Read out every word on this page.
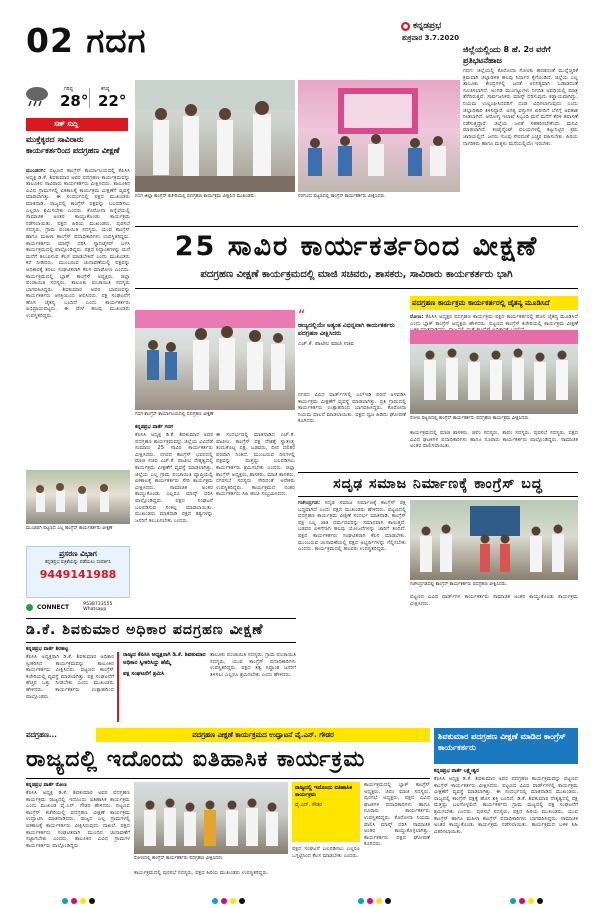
02 ಗದಗ	● ಕನ್ನಡಪ್ರಭ
ಶುಕ್ರವಾರ 3.7.2020
ಗರಿಷ್ಠ
28°
ಕನಿಷ್ಠ
22°
ಸಣ್ ಸುದ್ದಿ
ಮುಕ್ತೆಕೃರದ ಸಾವಿರಾರು ಕಾರ್ಯಕರ್ತರಿಂದ ಪದಗ್ರಹಣ ವೀಕ್ಷಣೆ
ಮುಂಡರಗಿ: ಪಟ್ಟಣದ ಕಾಂಗ್ರೆಸ್ ಕಾರ್ಯಾಲಯದಲ್ಲಿ ಕೆಪಿಸಿಸಿ ಅಧ್ಯಕ್ಷ ಡಿ.ಕೆ. ಶಿವಕುಮಾರ ಅವರ ಪದಗ್ರಹಣ ಕಾರ್ಯಕ್ರಮವನ್ನು ತಾಲೂಕಿನ ಸಾವಿರಾರು ಕಾರ್ಯಕರ್ತರು ವೀಕ್ಷಿಸಿದರು. ತಾಲೂಕಿನ ವಿವಿಧ ಗ್ರಾಮಗಳಲ್ಲಿ ಏಕಕಾಲಕ್ಕೆ ಕಾರ್ಯಕ್ರಮ ವೀಕ್ಷಣೆಗೆ ವ್ಯವಸ್ಥೆ ಮಾಡಲಾಗಿತ್ತು. ಈ ಸಂದರ್ಭದಲ್ಲಿ ಪಕ್ಷದ ಮುಖಂಡರು ಮಾತನಾಡಿ, ರಾಜ್ಯದಲ್ಲಿ ಕಾಂಗ್ರೆಸ್ ಪಕ್ಷವನ್ನು ಬಲಪಡಿಸಲು ಎಲ್ಲರೂ ಶ್ರಮಿಸಬೇಕು ಎಂದರು. ಕೊರೋನಾ ಹಿನ್ನೆಲೆಯಲ್ಲಿ ಸಾಮಾಜಿಕ ಅಂತರ ಕಾಯ್ದುಕೊಂಡು ಕಾರ್ಯಕ್ರಮ ನಡೆಸಲಾಯಿತು. ಪಕ್ಷದ ಹಿರಿಯ ಮುಖಂಡರು, ಪುರಸಭೆ ಸದಸ್ಯರು, ಗ್ರಾಮ ಪಂಚಾಯಿತಿ ಸದಸ್ಯರು, ಯುವ ಕಾಂಗ್ರೆಸ್ ಹಾಗೂ ಮಹಿಳಾ ಕಾಂಗ್ರೆಸ್ ಪದಾಧಿಕಾರಿಗಳು ಉಪಸ್ಥಿತರಿದ್ದರು. ಕಾರ್ಯಕರ್ತರು ಮಾಸ್ಕ್ ಧರಿಸಿ ಸ್ಯಾನಿಟೈಸರ್ ಬಳಸಿ ಕಾರ್ಯಕ್ರಮದಲ್ಲಿ ಪಾಲ್ಗೊಂಡಿದ್ದರು. ಪಕ್ಷದ ಸಿದ್ಧಾಂತಗಳನ್ನು ಮನೆ ಮನೆಗೆ ತಲುಪಿಸುವ ಕೆಲಸ ಮಾಡಬೇಕಿದೆ ಎಂದು ಮುಖಂಡರು ಕರೆ ನೀಡಿದರು. ಮುಂಬರುವ ಚುನಾವಣೆಯಲ್ಲಿ ಪಕ್ಷವನ್ನು ಅಧಿಕಾರಕ್ಕೆ ತರಲು ಸಂಘಟಿತರಾಗಿ ಕೆಲಸ ಮಾಡೋಣ ಎಂದರು. ಕಾರ್ಯಕ್ರಮದಲ್ಲಿ ಬ್ಲಾಕ್ ಕಾಂಗ್ರೆಸ್ ಅಧ್ಯಕ್ಷರು, ಜಿಲ್ಲಾ ಪಂಚಾಯಿತಿ ಸದಸ್ಯರು, ತಾಲೂಕು ಪಂಚಾಯಿತಿ ಸದಸ್ಯರು ಭಾಗವಹಿಸಿದ್ದರು. ಶಿವಕುಮಾರ ಅವರ ಭಾಷಣವನ್ನು ಕಾರ್ಯಕರ್ತರು ಆಸಕ್ತಿಯಿಂದ ಆಲಿಸಿದರು. ಪಕ್ಷ ಸಂಘಟನೆಗೆ ಹೊಸ ಚೈತನ್ಯ ಬಂದಿದೆ ಎಂದು ಕಾರ್ಯಕರ್ತರು ಅಭಿಪ್ರಾಯಪಟ್ಟರು. ಈ ವೇಳೆ ಹಲವು ಮುಖಂಡರು ಉಪಸ್ಥಿತರಿದ್ದರು.
ಮುಂಡರಗಿ ಪಟ್ಟಣದ ಎಲ್ಲ ಕಾಂಗ್ರೆಸ್ ಕಾರ್ಯಕರ್ತರು ವೀಕ್ಷಣೆ
ಪ್ರಸರಣ ವಿಭಾಗ
ಕನ್ನಡಪ್ರಭ ಪತ್ರಿಕೆಯನ್ನು ಪಡೆಯಲು ಸಂಪರ್ಕಿಸಿ
9449141988
CONNECT	9538733555
Whatsapp
ಗದಗ ಜಿಲ್ಲಾ ಕಾಂಗ್ರೆಸ್ ಕಚೇರಿಯಲ್ಲಿ ಪದಗ್ರಹಣ ಕಾರ್ಯಕ್ರಮ ವೀಕ್ಷಿಸಿದ ಮುಖಂಡರು.	ನರಗುಂದ ಪಟ್ಟಣದಲ್ಲಿ ಕಾಂಗ್ರೆಸ್ ಕಾರ್ಯಕರ್ತರು ವೀಕ್ಷಿಸಿದರು.
ಜಿಲ್ಲೆಯಲ್ಲಿಂದು 8 ಹೆ. 2ರ ವರೆಗೆ ಪ್ರತಿಭಟನೆಹಾಜ
ಗದಗ: ಜಿಲ್ಲೆಯಲ್ಲಿ ಕೊರೋನಾ ಸೋಂಕು ಹರಡದಂತೆ ಮುನ್ನೆಚ್ಚರಿಕೆ ಕ್ರಮವಾಗಿ ಜಿಲ್ಲಾಡಳಿತ ಹಲವು ನಿರ್ಧಾರ ಕೈಗೊಂಡಿದೆ. ಜಿಲ್ಲೆಯ ಎಲ್ಲ ತಾಲೂಕು ಕೇಂದ್ರಗಳಲ್ಲಿ ಜನತೆ ಅನಗತ್ಯವಾಗಿ ಓಡಾಡದಂತೆ ಸೂಚಿಸಲಾಗಿದೆ. ಅಂಗಡಿ ಮುಂಗಟ್ಟುಗಳು ನಿಗದಿತ ಅವಧಿಯಲ್ಲಿ ಮಾತ್ರ ತೆರೆದಿರುತ್ತವೆ. ಸಾರ್ವಜನಿಕರು ಮಾಸ್ಕ್ ಧರಿಸುವುದು ಕಡ್ಡಾಯವಾಗಿದ್ದು, ನಿಯಮ ಉಲ್ಲಂಘಿಸಿದವರಿಗೆ ದಂಡ ವಿಧಿಸಲಾಗುವುದು ಎಂದು ಜಿಲ್ಲಾಧಿಕಾರಿ ತಿಳಿಸಿದ್ದಾರೆ. ಅಗತ್ಯ ವಸ್ತುಗಳ ಖರೀದಿಗೆ ಬೆಳಗ್ಗೆ ಅವಕಾಶ ನೀಡಲಾಗಿದೆ. ಆರೋಗ್ಯ ಇಲಾಖೆ ಸಿಬ್ಬಂದಿ ಮನೆ ಮನೆಗೆ ತೆರಳಿ ತಪಾಸಣೆ ನಡೆಸುತ್ತಿದ್ದಾರೆ. ಜಿಲ್ಲೆಯ ಜನತೆ ಸಹಕರಿಸಬೇಕೆಂದು ಮನವಿ ಮಾಡಲಾಗಿದೆ. ಕಂಟೈನ್ಮೆಂಟ್ ವಲಯಗಳಲ್ಲಿ ಕಟ್ಟುನಿಟ್ಟಿನ ಕ್ರಮ ಜಾರಿಯಲ್ಲಿದೆ. ಜನರು ಗುಂಪು ಸೇರದಂತೆ ಎಚ್ಚರ ವಹಿಸಬೇಕು. ಹಿರಿಯ ನಾಗರಿಕರು ಹಾಗೂ ಮಕ್ಕಳು ಮನೆಯಲ್ಲಿಯೇ ಇರಬೇಕು.
25 ಸಾವಿರ ಕಾರ್ಯಕರ್ತರಿಂದ ವೀಕ್ಷಣೆ
ಪದಗ್ರಹಣ ವೀಕ್ಷಣೆ ಕಾರ್ಯಕ್ರಮದಲ್ಲಿ ಮಾಜಿ ಸಚಿವರು, ಶಾಸಕರು, ಸಾವಿರಾರು ಕಾರ್ಯಕರ್ತರು ಭಾಗಿ
ಗದಗ ಕಾಂಗ್ರೆಸ್ ಕಾರ್ಯಾಲಯದಲ್ಲಿ ಪದಗ್ರಹಣ ವೀಕ್ಷಣೆ
ಕನ್ನಡಪ್ರಭ ವಾರ್ತೆ ಗದಗ
ಕೆಪಿಸಿಸಿ ಅಧ್ಯಕ್ಷ ಡಿ.ಕೆ. ಶಿವಕುಮಾರ ಅವರ ಪದಗ್ರಹಣ ಕಾರ್ಯಕ್ರಮವನ್ನು ಜಿಲ್ಲೆಯ ವಿವಿಧೆಡೆ ಸುಮಾರು 25 ಸಾವಿರ ಕಾರ್ಯಕರ್ತರು ವೀಕ್ಷಿಸಿದರು. ನಗರದ ಕಾಂಗ್ರೆಸ್ ಭವನದಲ್ಲಿ ಮಾಜಿ ಸಚಿವ ಎಚ್.ಕೆ. ಪಾಟೀಲ ನೇತೃತ್ವದಲ್ಲಿ ಕಾರ್ಯಕ್ರಮ ವೀಕ್ಷಣೆಗೆ ವ್ಯವಸ್ಥೆ ಮಾಡಲಾಗಿತ್ತು. ಜಿಲ್ಲೆಯ ಎಲ್ಲ ಗ್ರಾಮ ಪಂಚಾಯಿತಿ ವ್ಯಾಪ್ತಿಯಲ್ಲಿ ಏಕಕಾಲಕ್ಕೆ ಕಾರ್ಯಕರ್ತರು ಸೇರಿ ಕಾರ್ಯಕ್ರಮ ವೀಕ್ಷಿಸಿದರು. ಸಾಮಾಜಿಕ ಅಂತರ ಕಾಯ್ದುಕೊಂಡು ಎಲ್ಲರೂ ಮಾಸ್ಕ್ ಧರಿಸಿ ಪಾಲ್ಗೊಂಡಿದ್ದರು. ಪಕ್ಷದ ಸಂಘಟನೆ ಬಲಪಡಿಸುವ ಸಂಕಲ್ಪ ಮಾಡಲಾಯಿತು. ಮುಖಂಡರು ಮಾತನಾಡಿ ಪಕ್ಷದ ತತ್ವಗಳನ್ನು ಜನರಿಗೆ ತಲುಪಿಸಬೇಕು ಎಂದರು.
ಈ ಸಂದರ್ಭದಲ್ಲಿ ಮಾತನಾಡಿದ ಎಚ್.ಕೆ. ಪಾಟೀಲ, ಕಾಂಗ್ರೆಸ್ ಪಕ್ಷ ದೇಶಕ್ಕೆ ಸ್ವಾತಂತ್ರ್ಯ ತಂದುಕೊಟ್ಟ ಪಕ್ಷ. ಬಡವರು, ದೀನ ದಲಿತರ ಪರವಾಗಿ ನಿಂತಿದೆ. ಮುಂಬರುವ ದಿನಗಳಲ್ಲಿ ಪಕ್ಷವನ್ನು ಮತ್ತಷ್ಟು ಬಲಪಡಿಸಲು ಕಾರ್ಯಕರ್ತರು ಶ್ರಮಿಸಬೇಕು ಎಂದರು. ಜಿಲ್ಲಾ ಕಾಂಗ್ರೆಸ್ ಅಧ್ಯಕ್ಷರು, ಶಾಸಕರು, ಮಾಜಿ ಶಾಸಕರು, ನಗರಸಭೆ ಸದಸ್ಯರು ಸೇರಿದಂತೆ ಅನೇಕರು ಉಪಸ್ಥಿತರಿದ್ದರು. ಕಾರ್ಯಕ್ರಮದ ನಂತರ ಕಾರ್ಯಕರ್ತರು ಸಿಹಿ ಹಂಚಿ ಸಂಭ್ರಮಿಸಿದರು.
“
ರಾಜ್ಯದಲ್ಲಿಯೇ ಅತ್ಯಂತ ವಿಭಿನ್ನವಾಗಿ ಕಾರ್ಯಕರ್ತರು ಪದಗ್ರಹಣ ವೀಕ್ಷಿಸಿದರು
ಎಚ್.ಕೆ. ಪಾಟೀಲ ಮಾಜಿ ಸಚಿವ
ನಗರದ ವಿವಿಧ ವಾರ್ಡ್‌ಗಳಲ್ಲಿ ಎಲ್‌ಇಡಿ ಪರದೆ ಅಳವಡಿಸಿ ಕಾರ್ಯಕ್ರಮ ವೀಕ್ಷಣೆಗೆ ವ್ಯವಸ್ಥೆ ಮಾಡಲಾಗಿತ್ತು. ಪ್ರತಿ ಗ್ರಾಮದಲ್ಲಿ ಕಾರ್ಯಕರ್ತರು ಉತ್ಸಾಹದಿಂದ ಭಾಗವಹಿಸಿದ್ದರು. ಕೊರೋನಾ ನಿಯಮ ಪಾಲನೆ ಮಾಡಲಾಯಿತು. ಪಕ್ಷದ ಧ್ವಜ ಹಿಡಿದು ಘೋಷಣೆ ಕೂಗಿದರು.
ಪದಗ್ರಹಣ ಕಾರ್ಯಕ್ರಮ ಕಾರ್ಯಕರ್ತರಲ್ಲಿ ಚೈತನ್ಯ ಮೂಡಿಸಿದೆ
ರೋಣ: ಕೆಪಿಸಿಸಿ ಅಧ್ಯಕ್ಷರ ಪದಗ್ರಹಣ ಕಾರ್ಯಕ್ರಮ ಪಕ್ಷದ ಕಾರ್ಯಕರ್ತರಲ್ಲಿ ಹೊಸ ಚೈತನ್ಯ ಮೂಡಿಸಿದೆ ಎಂದು ಬ್ಲಾಕ್ ಕಾಂಗ್ರೆಸ್ ಅಧ್ಯಕ್ಷರು ಹೇಳಿದರು. ಪಟ್ಟಣದ ಕಾಂಗ್ರೆಸ್ ಕಚೇರಿಯಲ್ಲಿ ಕಾರ್ಯಕ್ರಮ ವೀಕ್ಷಣೆ
ರೋಣ ಪಟ್ಟಣದಲ್ಲಿ ಕಾಂಗ್ರೆಸ್ ಕಾರ್ಯಕರ್ತರು ಪದಗ್ರಹಣ ಕಾರ್ಯಕ್ರಮ ವೀಕ್ಷಿಸಿದರು.
ಕಾರ್ಯಕ್ರಮದಲ್ಲಿ ಮಾಜಿ ಶಾಸಕರು, ಜಿಪಂ ಸದಸ್ಯರು, ತಾಪಂ ಸದಸ್ಯರು, ಪುರಸಭೆ ಸದಸ್ಯರು, ಪಕ್ಷದ ವಿವಿಧ ಘಟಕಗಳ ಪದಾಧಿಕಾರಿಗಳು ಹಾಗೂ ನೂರಾರು ಕಾರ್ಯಕರ್ತರು ಪಾಲ್ಗೊಂಡಿದ್ದರು. ಸಾಮಾಜಿಕ ಅಂತರ ಪಾಲಿಸಲಾಯಿತು.
ಸದೃಢ ಸಮಾಜ ನಿರ್ಮಾಣಕ್ಕೆ ಕಾಂಗ್ರೆಸ್ ಬದ್ಧ
ಗಜೇಂದ್ರಗಡ: ಸದೃಢ ಸಮಾಜ ನಿರ್ಮಾಣಕ್ಕೆ ಕಾಂಗ್ರೆಸ್ ಪಕ್ಷ ಬದ್ಧವಾಗಿದೆ ಎಂದು ಪಕ್ಷದ ಮುಖಂಡರು ಹೇಳಿದರು. ಪಟ್ಟಣದಲ್ಲಿ ಪದಗ್ರಹಣ ಕಾರ್ಯಕ್ರಮ ವೀಕ್ಷಣೆ ಸಂದರ್ಭ ಮಾತನಾಡಿ, ಕಾಂಗ್ರೆಸ್ ಪಕ್ಷ ಎಲ್ಲ ಜಾತಿ ಧರ್ಮದವರನ್ನು ಸಮಾನವಾಗಿ ಕಾಣುತ್ತದೆ. ಬಡವರ ಏಳಿಗೆಗಾಗಿ ಹಲವು ಯೋಜನೆಗಳನ್ನು ಜಾರಿಗೆ ತಂದಿದೆ. ಪಕ್ಷದ ಕಾರ್ಯಕರ್ತರು ಸಂಘಟಿತರಾಗಿ ಕೆಲಸ ಮಾಡಬೇಕು. ಮುಂಬರುವ ಚುನಾವಣೆಯಲ್ಲಿ ಪಕ್ಷದ ಅಭ್ಯರ್ಥಿಗಳನ್ನು ಗೆಲ್ಲಿಸಬೇಕು ಎಂದರು. ಕಾರ್ಯಕ್ರಮದಲ್ಲಿ ಹಲವರು ಉಪಸ್ಥಿತರಿದ್ದರು.
ಗಜೇಂದ್ರಗಡದಲ್ಲಿ ಕಾಂಗ್ರೆಸ್ ಕಾರ್ಯಕರ್ತರು ಪದಗ್ರಹಣ ವೀಕ್ಷಿಸಿದರು.
ಪಟ್ಟಣದ ವಿವಿಧ ವಾರ್ಡ್‌ಗಳ ಕಾರ್ಯಕರ್ತರು ಸಾಮಾಜಿಕ ಅಂತರ ಕಾಯ್ದುಕೊಂಡು ಕಾರ್ಯಕ್ರಮ ವೀಕ್ಷಿಸಿದರು.
ಡಿ.ಕೆ. ಶಿವಕುಮಾರ ಅಧಿಕಾರ ಪದಗ್ರಹಣ ವೀಕ್ಷಣೆ
ಕನ್ನಡಪ್ರಭ ವಾರ್ತೆ ಶಿರಹಟ್ಟಿ
ಕೆಪಿಸಿಸಿ ಅಧ್ಯಕ್ಷರಾಗಿ ಡಿ.ಕೆ. ಶಿವಕುಮಾರ ಅಧಿಕಾರ ಸ್ವೀಕರಿಸಿದ ಕಾರ್ಯಕ್ರಮವನ್ನು ತಾಲೂಕಿನ ಕಾರ್ಯಕರ್ತರು ವೀಕ್ಷಿಸಿದರು. ಪಟ್ಟಣದ ಕಾಂಗ್ರೆಸ್ ಕಚೇರಿಯಲ್ಲಿ ವ್ಯವಸ್ಥೆ ಮಾಡಲಾಗಿತ್ತು. ಪಕ್ಷ ಸಂಘಟನೆಗೆ ಹೆಚ್ಚಿನ ಒತ್ತು ನೀಡಬೇಕು ಎಂದು ಮುಖಂಡರು ಹೇಳಿದರು. ಕಾರ್ಯಕರ್ತರು ಉತ್ಸಾಹದಿಂದ ಪಾಲ್ಗೊಂಡರು.
ರಾಜ್ಯದ ಕೆಪಿಸಿಸಿ ಅಧ್ಯಕ್ಷರಾಗಿ ಡಿ.ಕೆ. ಶಿವಕುಮಾರ ಅಧಿಕಾರ ಸ್ವೀಕರಿಸಿದ್ದು ಹೆಮ್ಮೆ
ಪಕ್ಷ ಸಂಘಟನೆಗೆ ಶ್ರಮಿಸಿ
ತಾಲೂಕು ಪಂಚಾಯಿತಿ ಸದಸ್ಯರು, ಗ್ರಾಮ ಪಂಚಾಯಿತಿ ಸದಸ್ಯರು, ಯುವ ಕಾಂಗ್ರೆಸ್ ಪದಾಧಿಕಾರಿಗಳು ಉಪಸ್ಥಿತರಿದ್ದರು. ಪಕ್ಷದ ತತ್ವ ಸಿದ್ಧಾಂತ ಜನರಿಗೆ ತಿಳಿಸಲು ಎಲ್ಲರೂ ಶ್ರಮಿಸಬೇಕು ಎಂದು ಹೇಳಿದರು.
ಪದಗ್ರಹಣ...	ಪದಗ್ರಹಣ ವೀಕ್ಷಣೆ ಕಾರ್ಯಕ್ರಮದ ಉದ್ಘಾಟನೆ ವೈ.ಎನ್. ಗೌಡರ
ರಾಜ್ಯದಲ್ಲಿ ಇದೊಂದು ಐತಿಹಾಸಿಕ ಕಾರ್ಯಕ್ರಮ
ಕನ್ನಡಪ್ರಭ ವಾರ್ತೆ ರೋಣ
ಕೆಪಿಸಿಸಿ ಅಧ್ಯಕ್ಷ ಡಿ.ಕೆ. ಶಿವಕುಮಾರ ಅವರ ಪದಗ್ರಹಣ ಕಾರ್ಯಕ್ರಮ ರಾಜ್ಯದಲ್ಲಿ ಇದೊಂದು ಐತಿಹಾಸಿಕ ಕಾರ್ಯಕ್ರಮ ಎಂದು ಮುಖಂಡ ವೈ.ಎನ್. ಗೌಡರ ಹೇಳಿದರು. ಪಟ್ಟಣದ ಕಾಂಗ್ರೆಸ್ ಕಚೇರಿಯಲ್ಲಿ ಪದಗ್ರಹಣ ವೀಕ್ಷಣೆ ಕಾರ್ಯಕ್ರಮ ಉದ್ಘಾಟಿಸಿ ಮಾತನಾಡಿದರು. ರಾಜ್ಯದ ಎಲ್ಲ ಗ್ರಾಮಗಳಲ್ಲಿ ಏಕಕಾಲಕ್ಕೆ ಕಾರ್ಯಕರ್ತರು ವೀಕ್ಷಿಸಿರುವುದು ದಾಖಲೆ. ಪಕ್ಷದ ಕಾರ್ಯಕರ್ತರು ಸಂಘಟಿತರಾಗಿ ಮುಂದಿನ ಚುನಾವಣೆಗೆ ಸಜ್ಜಾಗಬೇಕು ಎಂದರು. ತಾಲೂಕಿನ ವಿವಿಧ ಗ್ರಾಮಗಳ ಕಾರ್ಯಕರ್ತರು ಪಾಲ್ಗೊಂಡಿದ್ದರು.
ರೋಣದಲ್ಲಿ ಕಾಂಗ್ರೆಸ್ ಕಾರ್ಯಕರ್ತರು ಪದಗ್ರಹಣ ವೀಕ್ಷಿಸಿದರು.
ಕಾರ್ಯಕ್ರಮದಲ್ಲಿ ಪುರಸಭೆ ಸದಸ್ಯರು, ಪಕ್ಷದ ಹಿರಿಯ ಮುಖಂಡರು ಉಪಸ್ಥಿತರಿದ್ದರು.
ರಾಜ್ಯದಲ್ಲಿ ಇದೊಂದು ಐತಿಹಾಸಿಕ ಕಾರ್ಯಕ್ರಮ
ವೈ.ಎನ್. ಗೌಡರ
ಪಕ್ಷದ ಸಂಘಟನೆ ಬಲಪಡಿಸಲು ಎಲ್ಲರೂ ಒಗ್ಗಟ್ಟಿನಿಂದ ಕೆಲಸ ಮಾಡಬೇಕು ಎಂದರು.
ಕಾರ್ಯಕ್ರಮದಲ್ಲಿ ಬ್ಲಾಕ್ ಕಾಂಗ್ರೆಸ್ ಅಧ್ಯಕ್ಷರು, ಜಿಪಂ ಮಾಜಿ ಸದಸ್ಯರು, ಪುರಸಭೆ ಅಧ್ಯಕ್ಷರು, ಪಕ್ಷದ ವಿವಿಧ ಘಟಕಗಳ ಪದಾಧಿಕಾರಿಗಳು ಹಾಗೂ ನೂರಾರು ಕಾರ್ಯಕರ್ತರು ಉಪಸ್ಥಿತರಿದ್ದರು. ಕೊರೋನಾ ನಿಯಮ ಪಾಲಿಸಿ ಮಾಸ್ಕ್ ಧರಿಸಿ ಸಾಮಾಜಿಕ ಅಂತರ ಕಾಯ್ದುಕೊಳ್ಳಲಾಗಿತ್ತು. ಕಾರ್ಯಕರ್ತರು ಪಕ್ಷದ ಘೋಷಣೆ ಕೂಗಿದರು.
ಶಿವಕುಮಾರ ಪದಗ್ರಹಣ ವೀಕ್ಷಣೆ ಮಾಡಿದ ಕಾಂಗ್ರೆಸ್ ಕಾರ್ಯಕರ್ತರು
ಕನ್ನಡಪ್ರಭ ವಾರ್ತೆ ಲಕ್ಷ್ಮೇಶ್ವರ
ಕೆಪಿಸಿಸಿ ಅಧ್ಯಕ್ಷ ಡಿ.ಕೆ. ಶಿವಕುಮಾರ ಅವರ ಪದಗ್ರಹಣ ಕಾರ್ಯಕ್ರಮವನ್ನು ಪಟ್ಟಣದ ಕಾಂಗ್ರೆಸ್ ಕಾರ್ಯಕರ್ತರು ವೀಕ್ಷಿಸಿದರು. ಪಟ್ಟಣದ ವಿವಿಧ ವಾರ್ಡ್‌ಗಳಲ್ಲಿ ಕಾರ್ಯಕ್ರಮ ವೀಕ್ಷಣೆಗೆ ವ್ಯವಸ್ಥೆ ಮಾಡಲಾಗಿತ್ತು. ಈ ಸಂದರ್ಭದಲ್ಲಿ ಮಾತನಾಡಿದ ಮುಖಂಡರು, ರಾಜ್ಯದಲ್ಲಿ ಕಾಂಗ್ರೆಸ್ ಪಕ್ಷಕ್ಕೆ ಹೊಸ ಶಕ್ತಿ ಬಂದಿದೆ. ಡಿ.ಕೆ. ಶಿವಕುಮಾರ ನೇತೃತ್ವದಲ್ಲಿ ಪಕ್ಷ ಮತ್ತಷ್ಟು ಬಲಗೊಳ್ಳಲಿದೆ. ಕಾರ್ಯಕರ್ತರು ಗ್ರಾಮ ಮಟ್ಟದಲ್ಲಿ ಪಕ್ಷ ಸಂಘಟನೆಗೆ ಶ್ರಮಿಸಬೇಕು ಎಂದರು. ಪುರಸಭೆ ಸದಸ್ಯರು, ಪಕ್ಷದ ಹಿರಿಯ ಮುಖಂಡರು, ಯುವ ಕಾಂಗ್ರೆಸ್ ಹಾಗೂ ಮಹಿಳಾ ಕಾಂಗ್ರೆಸ್ ಪದಾಧಿಕಾರಿಗಳು ಭಾಗವಹಿಸಿದ್ದರು. ಸಾಮಾಜಿಕ ಅಂತರ ಕಾಯ್ದುಕೊಂಡು ಕಾರ್ಯಕ್ರಮ ನಡೆಸಲಾಯಿತು. ಕಾರ್ಯಕ್ರಮದ ಬಳಿಕ ಸಿಹಿ ವಿತರಿಸಲಾಯಿತು.
